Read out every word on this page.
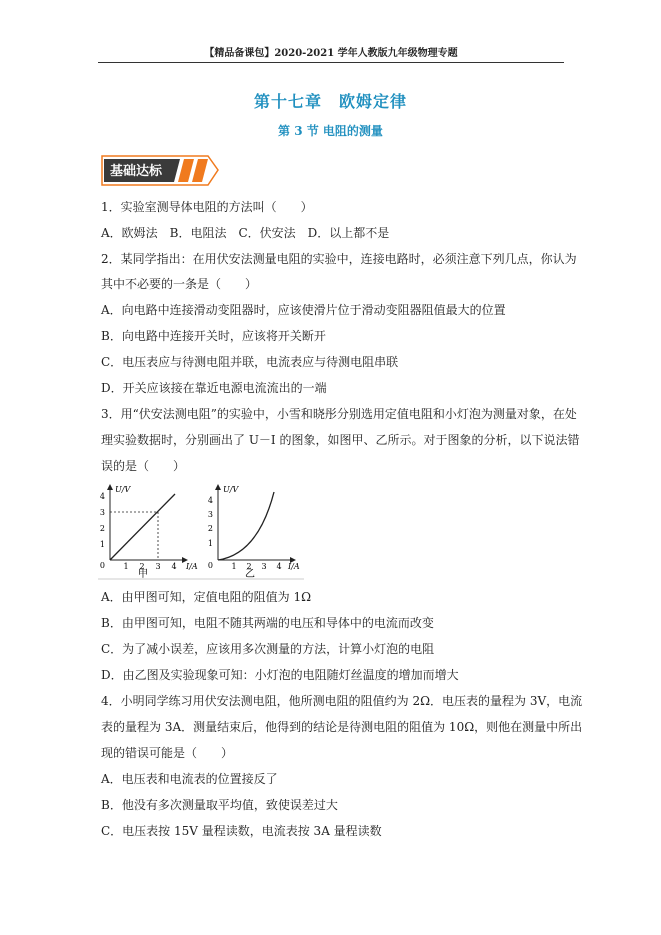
【精品备课包】2020-2021 学年人教版九年级物理专题
第十七章　欧姆定律
第 3 节 电阻的测量
基础达标
1．实验室测导体电阻的方法叫（　　）
A．欧姆法　B．电阻法　C．伏安法　D．以上都不是
2．某同学指出：在用伏安法测量电阻的实验中，连接电路时，必须注意下列几点，你认为
其中不必要的一条是（　　）
A．向电路中连接滑动变阻器时，应该使滑片位于滑动变阻器阻值最大的位置
B．向电路中连接开关时，应该将开关断开
C．电压表应与待测电阻并联，电流表应与待测电阻串联
D．开关应该接在靠近电源电流流出的一端
3．用“伏安法测电阻”的实验中，小雪和晓彤分别选用定值电阻和小灯泡为测量对象，在处
理实验数据时，分别画出了 U－I 的图象，如图甲、乙所示。对于图象的分析，以下说法错
误的是（　　）
U/V
4
3
2
1
0 1 2 3 4 I/A
甲
U/V
4
3
2
1
0 1 2 3 4 I/A
乙
A．由甲图可知，定值电阻的阻值为 1Ω
B．由甲图可知，电阻不随其两端的电压和导体中的电流而改变
C．为了减小误差，应该用多次测量的方法，计算小灯泡的电阻
D．由乙图及实验现象可知：小灯泡的电阻随灯丝温度的增加而增大
4．小明同学练习用伏安法测电阻，他所测电阻的阻值约为 2Ω．电压表的量程为 3V，电流
表的量程为 3A．测量结束后，他得到的结论是待测电阻的阻值为 10Ω，则他在测量中所出
现的错误可能是（　　）
A．电压表和电流表的位置接反了
B．他没有多次测量取平均值，致使误差过大
C．电压表按 15V 量程读数，电流表按 3A 量程读数
